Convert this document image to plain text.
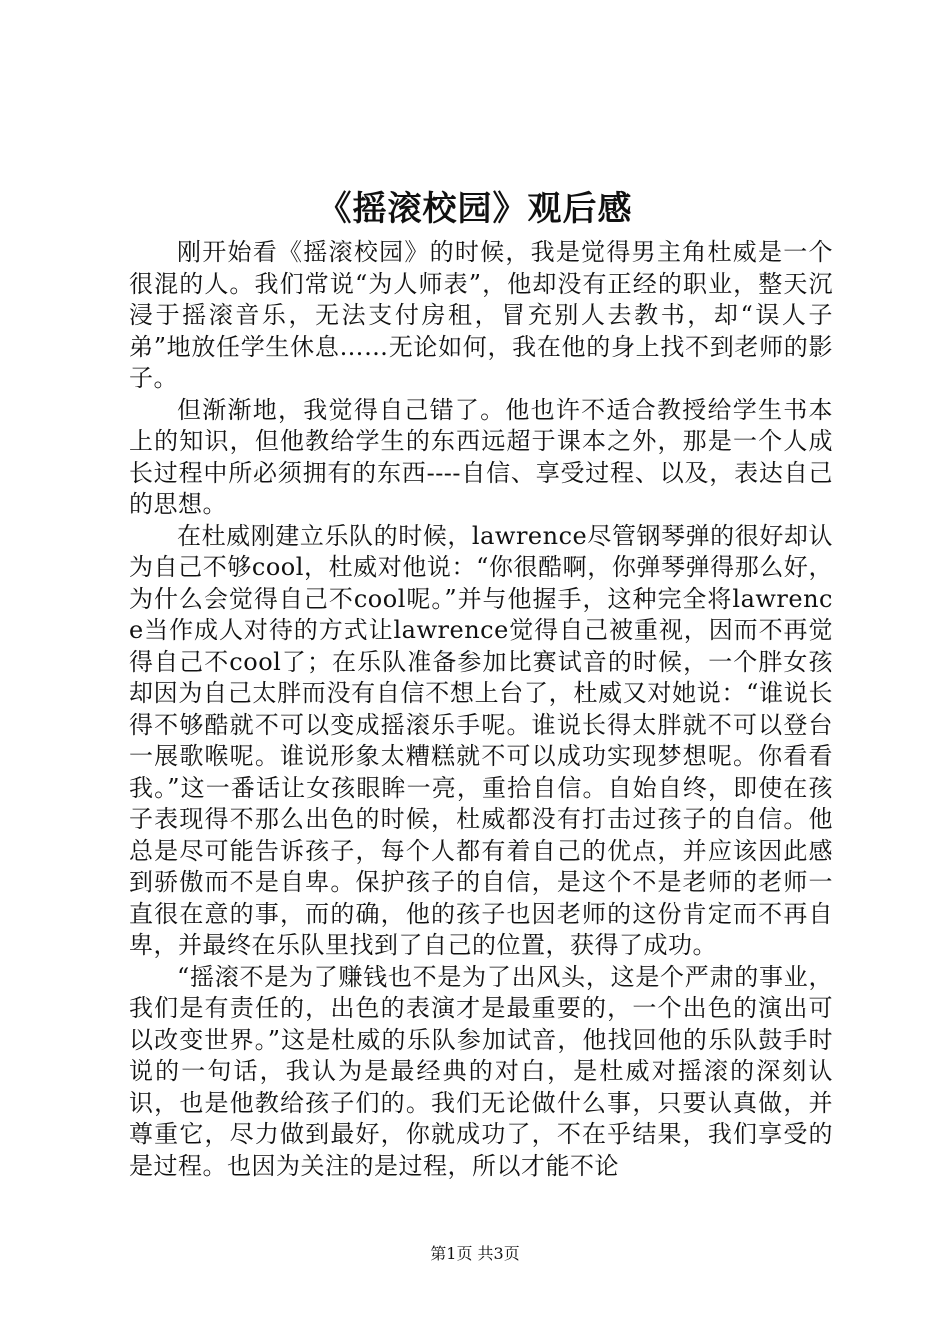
《摇滚校园》观后感

刚开始看《摇滚校园》的时候，我是觉得男主角杜威是一个很混的人。我们常说“为人师表”，他却没有正经的职业，整天沉浸于摇滚音乐，无法支付房租，冒充别人去教书，却“误人子弟”地放任学生休息……无论如何，我在他的身上找不到老师的影子。

但渐渐地，我觉得自己错了。他也许不适合教授给学生书本上的知识，但他教给学生的东西远超于课本之外，那是一个人成长过程中所必须拥有的东西----自信、享受过程、以及，表达自己的思想。

在杜威刚建立乐队的时候，lawrence尽管钢琴弹的很好却认为自己不够cool，杜威对他说：“你很酷啊，你弹琴弹得那么好，为什么会觉得自己不cool呢。”并与他握手，这种完全将lawrence当作成人对待的方式让lawrence觉得自己被重视，因而不再觉得自己不cool了；在乐队准备参加比赛试音的时候，一个胖女孩却因为自己太胖而没有自信不想上台了，杜威又对她说：“谁说长得不够酷就不可以变成摇滚乐手呢。谁说长得太胖就不可以登台一展歌喉呢。谁说形象太糟糕就不可以成功实现梦想呢。你看看我。”这一番话让女孩眼眸一亮，重拾自信。自始自终，即使在孩子表现得不那么出色的时候，杜威都没有打击过孩子的自信。他总是尽可能告诉孩子，每个人都有着自己的优点，并应该因此感到骄傲而不是自卑。保护孩子的自信，是这个不是老师的老师一直很在意的事，而的确，他的孩子也因老师的这份肯定而不再自卑，并最终在乐队里找到了自己的位置，获得了成功。

“摇滚不是为了赚钱也不是为了出风头，这是个严肃的事业，我们是有责任的，出色的表演才是最重要的，一个出色的演出可以改变世界。”这是杜威的乐队参加试音，他找回他的乐队鼓手时说的一句话，我认为是最经典的对白，是杜威对摇滚的深刻认识，也是他教给孩子们的。我们无论做什么事，只要认真做，并尊重它，尽力做到最好，你就成功了，不在乎结果，我们享受的是过程。也因为关注的是过程，所以才能不论

第1页 共3页
